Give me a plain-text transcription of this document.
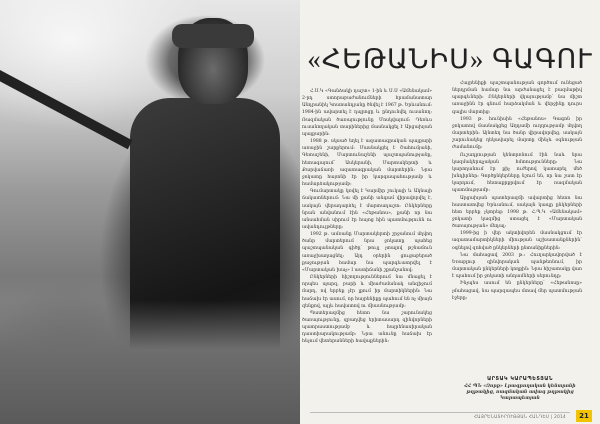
«ՀԵԹԱՆԻՍ» ԳԱԳՈՒ

Հ.Ս.Կ «Գանձակի դաշտ» 1-ին և Ս.Ս «Ամենակամ» 2-րդ ստորաբաժանումների հրամանատար Անդրանիկ Կոստանդյանը ծնվել է 1967 թ. Երևանում։ 1984-ին ավարտել է դպրոցը և ընդունվել ուսանող։ Ռազմական ծառայությունը Մոսկվայում։ Դեռևս ուսանողական տարիներից մասնակցել է Արցախյան պայքարին։

1988 թ. սկսած եղել է ազատագրական պայքարի առաջին շարքերում։ Մասնակցել է Շահումյանի, Գետաշենի, Մարտունաշենի պաշտպանությանը, հետագայում՝ Ասկերանի, Մարտակերտի և Քարվաճառի ազատագրական մարտերին։ Նրա ջոկատը հայտնի էր իր կարգապահությամբ և համարձակությամբ։

Գումարտակը կռվել է Կարմիր շուկայի և Ակնայի ճակատներում։ Նա մի քանի անգամ վիրավորվել է, սակայն վերադարձել է մարտադաշտ։ Ընկերները նրան անվանում էին «Հեթանոս», քանի որ նա անսահման սիրում էր հայոց հին պատմությունն ու ավանդույթները։

1992 թ. ամռանը Մարտակերտի շրջանում մղվող ծանր մարտերում նրա ջոկատը պահեց պաշտպանական գիծը՝ թույլ չտալով թշնամուն առաջխաղացնել։ Այդ օրերին ցուցաբերած քաջության համար նա պարգևատրվել է «Մարտական խաչ» I աստիճանի շքանշանով։

Ընկերների հիշողություններում նա մնացել է որպես պարզ, բարի և միաժամանակ անզիջում մարդ, ով երբեք չէր լքում իր մարտիկներին։ Նա հաճախ էր ասում, որ հայրենիքը պահում են ոչ միայն զենքով, այլև հավատով ու միասնությամբ։

Պատերազմից հետո նա շարունակեց ծառայությունը, զբաղվեց երիտասարդ զինվորների պատրաստությամբ և հայրենասիրական դաստիարակությամբ։ Նրա անունը հաճախ էր հնչում վետերանների հավաքներին։

Հայրենիքի պաշտպանության գործում ունեցած ներդրման համար նա արժանացել է բազմաթիվ պարգևների։ Ընկերների վկայությամբ՝ նա միշտ առաջինն էր գնում հարձակման և վերջինը դուրս գալիս մարտից։

1993 թ. հունիսին «Հեթանոս» Գագոն իր ջոկատով մասնակցեց Աղդամի ուղղությամբ մղվող մարտերին։ Այնտեղ նա ծանր վիրավորվեց, սակայն շարունակեց ղեկավարել մարտը մինչև օգնության ժամանումը։

Ուշադրության կենտրոնում էին նաև նրա կազմակերպչական հմտությունները։ Նա կարողանում էր քիչ ուժերով կատարել մեծ խնդիրներ։ Գործընկերները նշում են, որ նա շատ էր կարդում, հետաքրքրվում էր ռազմական պատմությամբ։

Արցախյան պատերազմի ավարտից հետո նա հաստատվեց Երևանում, սակայն կապը ընկերների հետ երբեք չկտրեց։ 1998 թ. Հ.Պ.Կ «Ամենակամ» ջոկատի կազմից ստացել է «Մարտական ծառայության» մեդալ։

1999-ից ի վեր ակտիվորեն մասնակցում էր ազատամարտիկների միության աշխատանքներին՝ օգնելով զոհված ընկերների ընտանիքներին։

Նա մահացավ 2003 թ.։ Հուղարկավորված է Եռաբլուր զինվորական պանթեոնում, իր մարտական ընկերների կողքին։ Նրա հիշատակը վառ է պահում իր ջոկատի անդամների սերունդը։

Ինչպես ասում են ընկերները՝ «Հեթանոսը» չմահացավ, նա պարզապես մտավ մեր պատմության էջերը։

ԱՐՏԱԿ ԿԱՐԱՊԵՏՅԱՆ
ՀՀ ՊՆ «Զորք» Լրագրողական կենտրոնի թղթակից, ռազմական ավագ թղթակից Կարապետյան
ՀԱՅՐԵՆԱՏԻՐՈՒԹՅԱՆ ՀԱՆԴԵՍ | 2014	21
